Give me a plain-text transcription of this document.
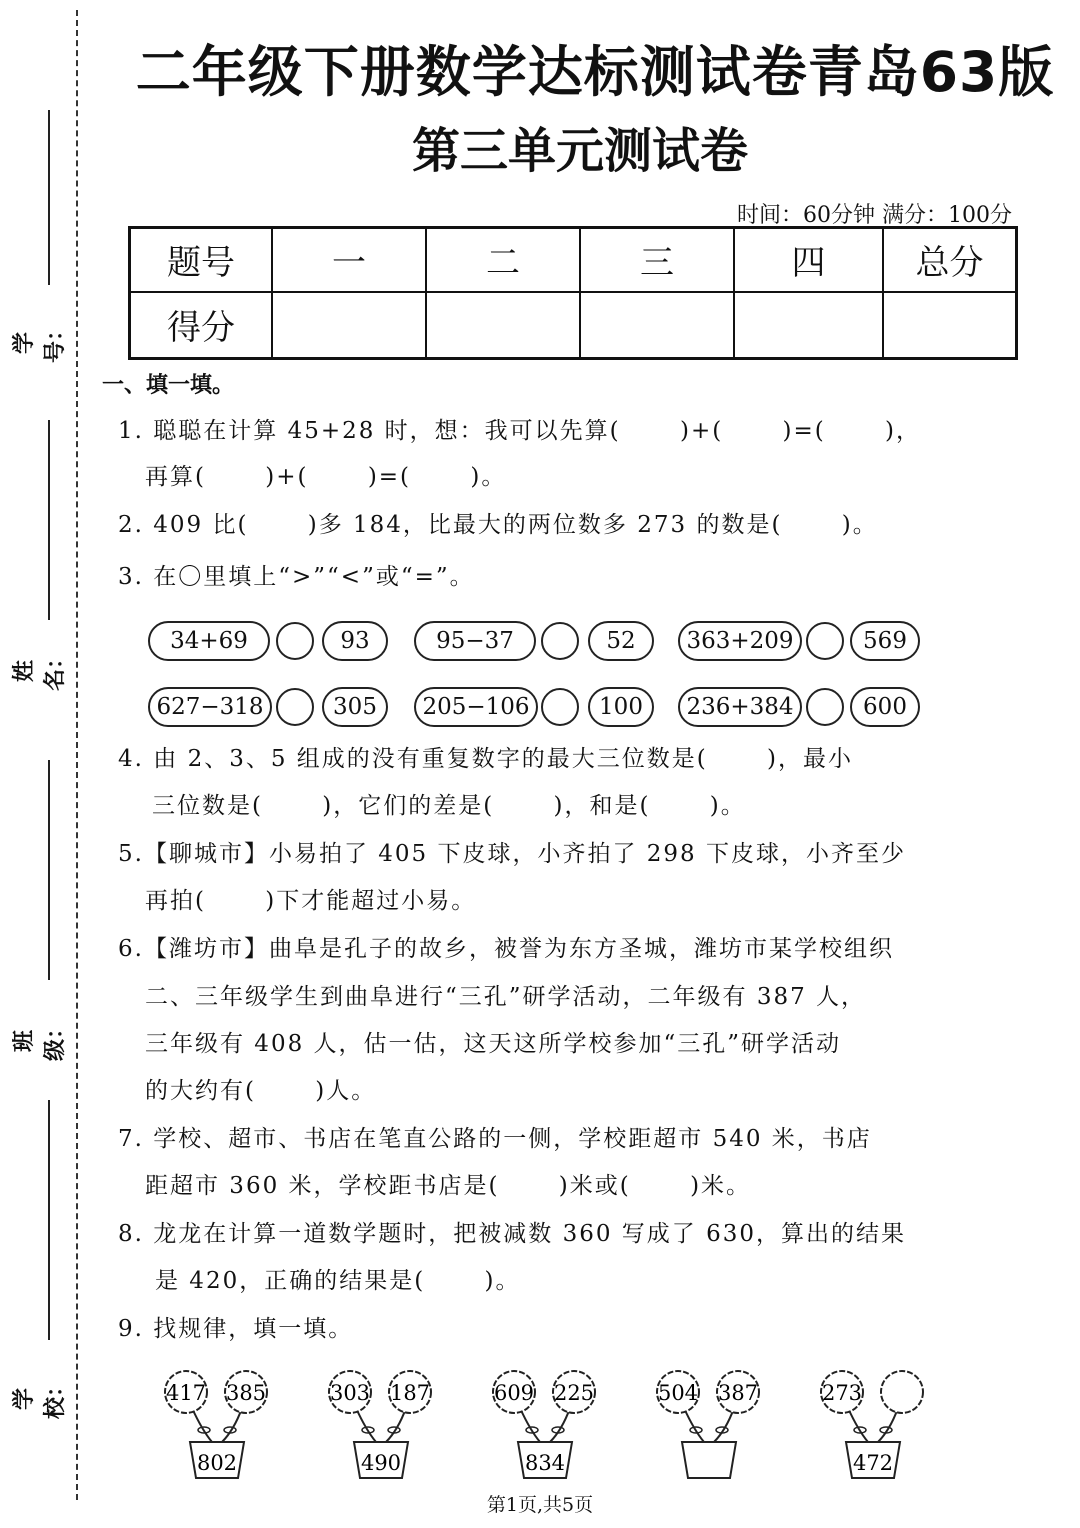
学号：
姓名：
班级：
学校：
二年级下册数学达标测试卷青岛63版
第三单元测试卷
时间：60分钟 满分：100分
题号	一	二	三	四	总分
得分					
一、填一填。
1. 聪聪在计算 45+28 时，想：我可以先算(　　 )+(　　 )=(　　 )，
再算(　　 )+(　　 )=(　　 )。
2. 409 比(　　 )多 184，比最大的两位数多 273 的数是(　　 )。
3. 在〇里填上“>”“<”或“=”。
34+69	93	95−37	52	363+209	569
627−318	305	205−106	100	236+384	600
4. 由 2、3、5 组成的没有重复数字的最大三位数是(　　 )，最小
三位数是(　　 )，它们的差是(　　 )，和是(　　 )。
5.【聊城市】小易拍了 405 下皮球，小齐拍了 298 下皮球，小齐至少
再拍(　　 )下才能超过小易。
6.【潍坊市】曲阜是孔子的故乡，被誉为东方圣城，潍坊市某学校组织
二、三年级学生到曲阜进行“三孔”研学活动，二年级有 387 人，
三年级有 408 人，估一估，这天这所学校参加“三孔”研学活动
的大约有(　　 )人。
7. 学校、超市、书店在笔直公路的一侧，学校距超市 540 米，书店
距超市 360 米，学校距书店是(　　 )米或(　　 )米。
8. 龙龙在计算一道数学题时，把被减数 360 写成了 630，算出的结果
是 420，正确的结果是(　　 )。
9. 找规律，填一填。
417 385
802
303 187
490
609 225
834
504 387	273
472
第1页,共5页
